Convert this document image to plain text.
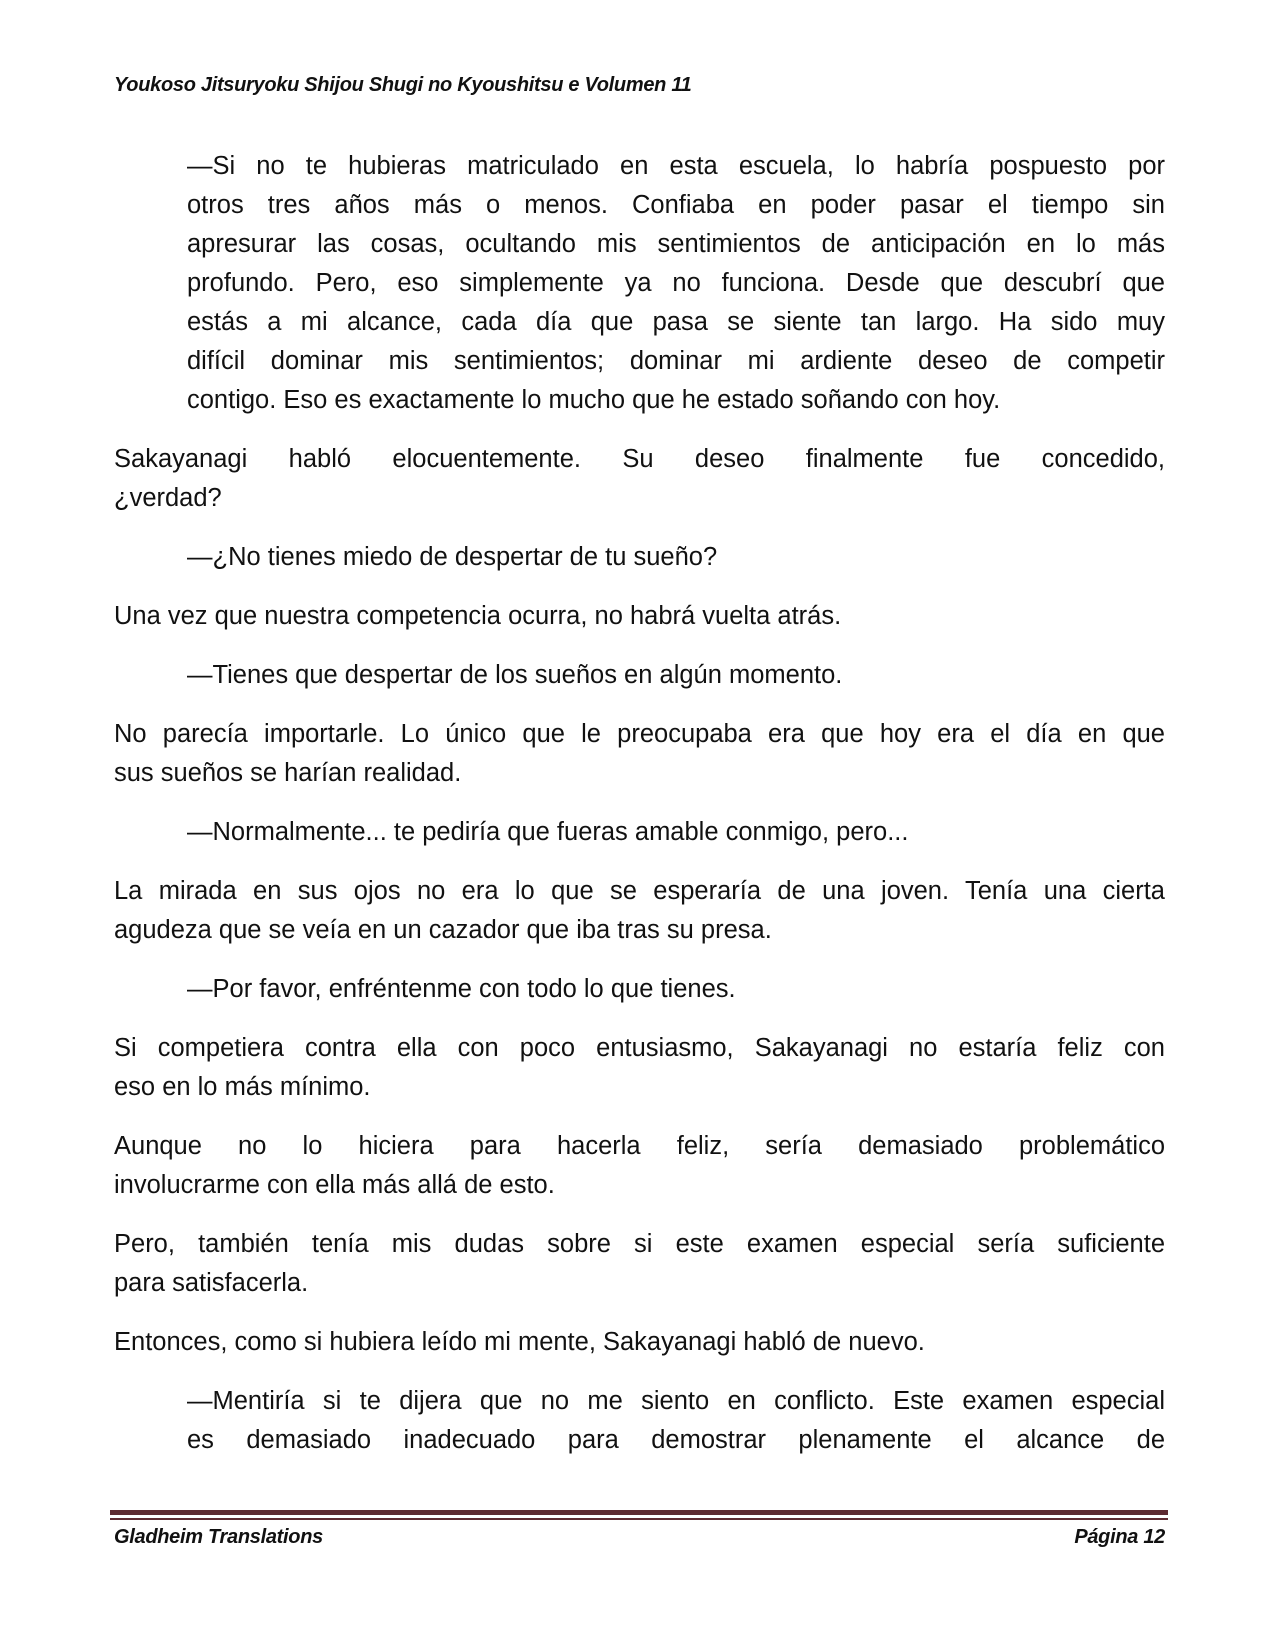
Youkoso Jitsuryoku Shijou Shugi no Kyoushitsu e Volumen 11
—Si no te hubieras matriculado en esta escuela, lo habría pospuesto por
otros tres años más o menos. Confiaba en poder pasar el tiempo sin
apresurar las cosas, ocultando mis sentimientos de anticipación en lo más
profundo. Pero, eso simplemente ya no funciona. Desde que descubrí que
estás a mi alcance, cada día que pasa se siente tan largo. Ha sido muy
difícil dominar mis sentimientos; dominar mi ardiente deseo de competir
contigo. Eso es exactamente lo mucho que he estado soñando con hoy.
Sakayanagi habló elocuentemente. Su deseo finalmente fue concedido,
¿verdad?
—¿No tienes miedo de despertar de tu sueño?
Una vez que nuestra competencia ocurra, no habrá vuelta atrás.
—Tienes que despertar de los sueños en algún momento.
No parecía importarle. Lo único que le preocupaba era que hoy era el día en que
sus sueños se harían realidad.
—Normalmente... te pediría que fueras amable conmigo, pero...
La mirada en sus ojos no era lo que se esperaría de una joven. Tenía una cierta
agudeza que se veía en un cazador que iba tras su presa.
—Por favor, enfréntenme con todo lo que tienes.
Si competiera contra ella con poco entusiasmo, Sakayanagi no estaría feliz con
eso en lo más mínimo.
Aunque no lo hiciera para hacerla feliz, sería demasiado problemático
involucrarme con ella más allá de esto.
Pero, también tenía mis dudas sobre si este examen especial sería suficiente
para satisfacerla.
Entonces, como si hubiera leído mi mente, Sakayanagi habló de nuevo.
—Mentiría si te dijera que no me siento en conflicto. Este examen especial
es demasiado inadecuado para demostrar plenamente el alcance de
Gladheim Translations	Página 12
